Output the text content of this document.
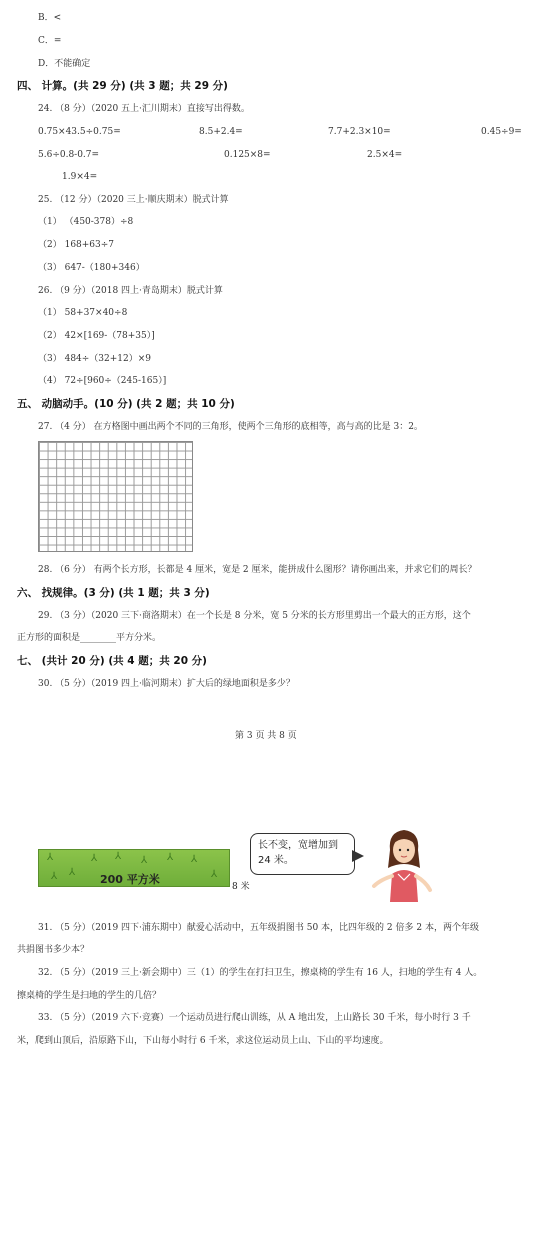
B．<
C．=
D．不能确定
四、 计算。(共 29 分) (共 3 题；共 29 分)
24. （8 分）（2020 五上·汇川期末）直接写出得数。
0.75×43.5÷0.75=	8.5+2.4=	7.7+2.3×10=	0.45÷9=
5.6÷0.8-0.7=	0.125×8=	2.5×4=
1.9×4=
25. （12 分）（2020 三上·顺庆期末）脱式计算
（1） （450-378）÷8
（2） 168+63÷7
（3） 647-（180+346）
26. （9 分）（2018 四上·青岛期末）脱式计算
（1） 58+37×40÷8
（2） 42×[169-（78+35）]
（3） 484÷（32+12）×9
（4） 72÷[960÷（245-165）]
五、 动脑动手。(10 分) (共 2 题；共 10 分)
27. （4 分） 在方格图中画出两个不同的三角形，使两个三角形的底相等，高与高的比是 3：2。
28. （6 分） 有两个长方形，长都是 4 厘米，宽是 2 厘米，能拼成什么图形？请你画出来，并求它们的周长？
六、 找规律。(3 分) (共 1 题；共 3 分)
29. （3 分）（2020 三下·商洛期末）在一个长是 8 分米，宽 5 分米的长方形里剪出一个最大的正方形，这个
正方形的面积是________平方分米。
七、 (共计 20 分) (共 4 题；共 20 分)
30. （5 分）（2019 四上·临河期末）扩大后的绿地面积是多少？
第 3 页 共 8 页
⅄
⅄
⅄ ⅄ ⅄ ⅄ ⅄
⅄
⅄	200 平方米
8 米
长不变，宽增加到 24 米。
31. （5 分）（2019 四下·浦东期中）献爱心活动中，五年级捐图书 50 本，比四年级的 2 倍多 2 本，两个年级
共捐图书多少本？
32. （5 分）（2019 三上·新会期中）三（1）的学生在打扫卫生，擦桌椅的学生有 16 人，扫地的学生有 4 人。
擦桌椅的学生是扫地的学生的几倍？
33. （5 分）（2019 六下·竞赛）一个运动员进行爬山训练，从 A 地出发，上山路长 30 千米，每小时行 3 千
米，爬到山顶后，沿原路下山，下山每小时行 6 千米，求这位运动员上山、下山的平均速度。
